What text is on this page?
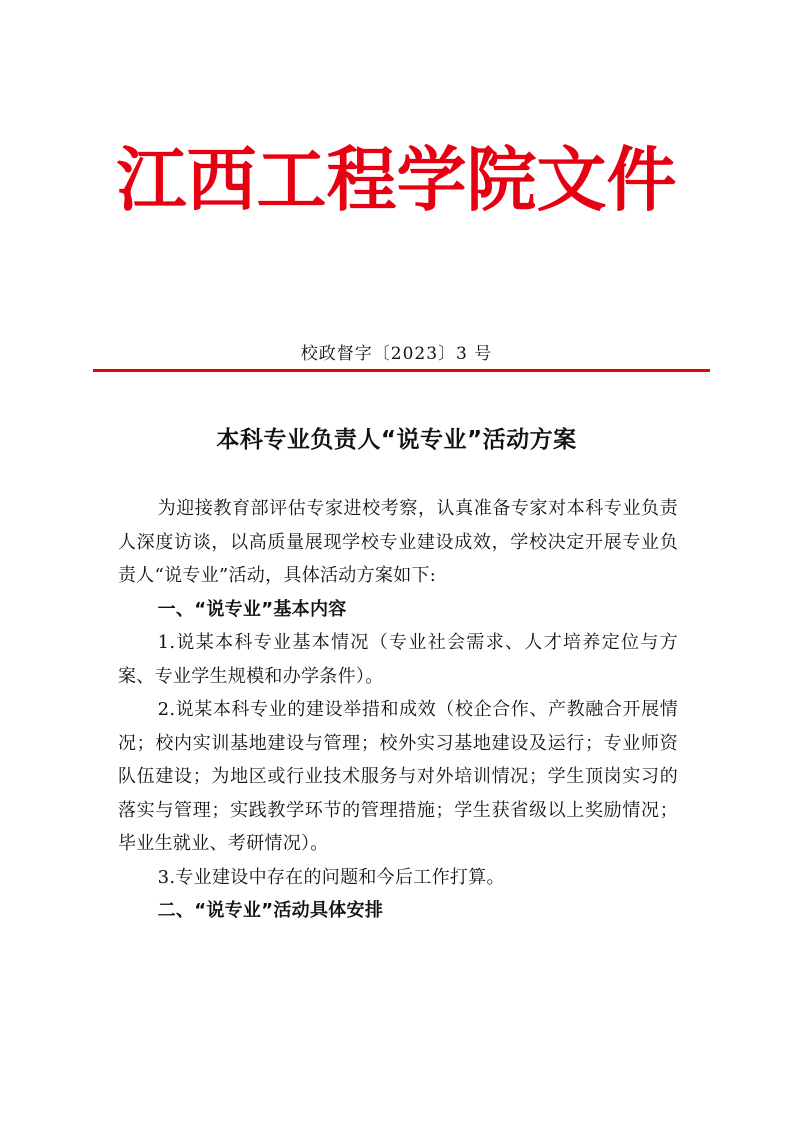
江西工程学院文件
校政督字〔2023〕3 号
本科专业负责人“说专业”活动方案

为迎接教育部评估专家进校考察，认真准备专家对本科专业负责人深度访谈，以高质量展现学校专业建设成效，学校决定开展专业负责人“说专业”活动，具体活动方案如下:

一、“说专业”基本内容

1.说某本科专业基本情况（专业社会需求、人才培养定位与方案、专业学生规模和办学条件）。

2.说某本科专业的建设举措和成效（校企合作、产教融合开展情况；校内实训基地建设与管理；校外实习基地建设及运行；专业师资队伍建设；为地区或行业技术服务与对外培训情况；学生顶岗实习的落实与管理；实践教学环节的管理措施；学生获省级以上奖励情况；毕业生就业、考研情况）。

3.专业建设中存在的问题和今后工作打算。

二、“说专业”活动具体安排
